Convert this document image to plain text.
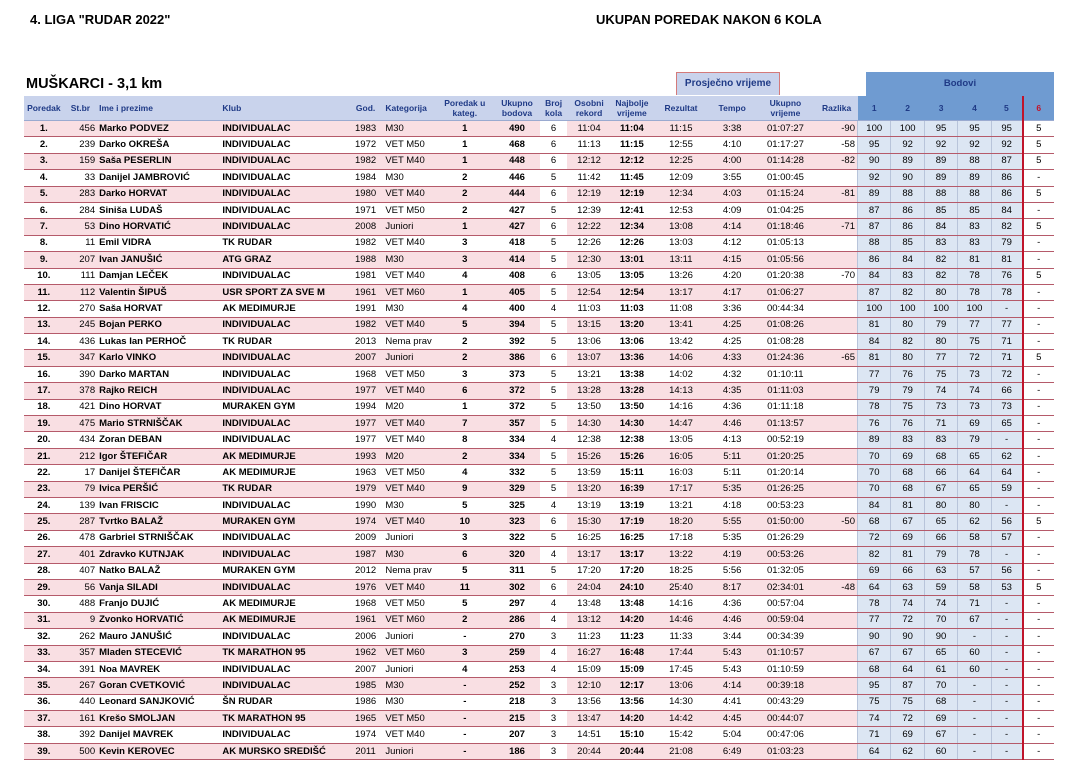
4. LIGA "RUDAR 2022"	UKUPAN POREDAK NAKON 6 KOLA
MUŠKARCI - 3,1 km	Prosječno vrijeme	Bodovi
Poredak	St.br	Ime i prezime	Klub	God.	Kategorija	Poredak u kateg.	Ukupno bodova	Broj kola	Osobni rekord	Najbolje vrijeme	Rezultat	Tempo	Ukupno vrijeme	Razlika	1	2	3	4	5	6
1.	456	Marko PODVEZ	INDIVIDUALAC	1983	M30	1	490	6	11:04	11:04	11:15	3:38	01:07:27	-90	100	100	95	95	95	5
2.	239	Darko OKREŠA	INDIVIDUALAC	1972	VET M50	1	468	6	11:13	11:15	12:55	4:10	01:17:27	-58	95	92	92	92	92	5
3.	159	Saša PESERLIN	INDIVIDUALAC	1982	VET M40	1	448	6	12:12	12:12	12:25	4:00	01:14:28	-82	90	89	89	88	87	5
4.	33	Danijel JAMBROVIĆ	INDIVIDUALAC	1984	M30	2	446	5	11:42	11:45	12:09	3:55	01:00:45		92	90	89	89	86	-
5.	283	Darko HORVAT	INDIVIDUALAC	1980	VET M40	2	444	6	12:19	12:19	12:34	4:03	01:15:24	-81	89	88	88	88	86	5
6.	284	Siniša LUDAŠ	INDIVIDUALAC	1971	VET M50	2	427	5	12:39	12:41	12:53	4:09	01:04:25		87	86	85	85	84	-
7.	53	Dino HORVATIĆ	INDIVIDUALAC	2008	Juniori	1	427	6	12:22	12:34	13:08	4:14	01:18:46	-71	87	86	84	83	82	5
8.	11	Emil VIDRA	TK RUDAR	1982	VET M40	3	418	5	12:26	12:26	13:03	4:12	01:05:13		88	85	83	83	79	-
9.	207	Ivan JANUŠIĆ	ATG GRAZ	1988	M30	3	414	5	12:30	13:01	13:11	4:15	01:05:56		86	84	82	81	81	-
10.	111	Damjan LEČEK	INDIVIDUALAC	1981	VET M40	4	408	6	13:05	13:05	13:26	4:20	01:20:38	-70	84	83	82	78	76	5
11.	112	Valentin ŠIPUŠ	USR SPORT ZA SVE M	1961	VET M60	1	405	5	12:54	12:54	13:17	4:17	01:06:27		87	82	80	78	78	-
12.	270	Saša HORVAT	AK MEDIMURJE	1991	M30	4	400	4	11:03	11:03	11:08	3:36	00:44:34		100	100	100	100	-	-
13.	245	Bojan PERKO	INDIVIDUALAC	1982	VET M40	5	394	5	13:15	13:20	13:41	4:25	01:08:26		81	80	79	77	77	-
14.	436	Lukas Ian PERHOČ	TK RUDAR	2013	Nema prav	2	392	5	13:06	13:06	13:42	4:25	01:08:28		84	82	80	75	71	-
15.	347	Karlo VINKO	INDIVIDUALAC	2007	Juniori	2	386	6	13:07	13:36	14:06	4:33	01:24:36	-65	81	80	77	72	71	5
16.	390	Darko MARTAN	INDIVIDUALAC	1968	VET M50	3	373	5	13:21	13:38	14:02	4:32	01:10:11		77	76	75	73	72	-
17.	378	Rajko REICH	INDIVIDUALAC	1977	VET M40	6	372	5	13:28	13:28	14:13	4:35	01:11:03		79	79	74	74	66	-
18.	421	Dino HORVAT	MURAKEN GYM	1994	M20	1	372	5	13:50	13:50	14:16	4:36	01:11:18		78	75	73	73	73	-
19.	475	Mario STRNIŠČAK	INDIVIDUALAC	1977	VET M40	7	357	5	14:30	14:30	14:47	4:46	01:13:57		76	76	71	69	65	-
20.	434	Zoran DEBAN	INDIVIDUALAC	1977	VET M40	8	334	4	12:38	12:38	13:05	4:13	00:52:19		89	83	83	79	-	-
21.	212	Igor ŠTEFIČAR	AK MEDIMURJE	1993	M20	2	334	5	15:26	15:26	16:05	5:11	01:20:25		70	69	68	65	62	-
22.	17	Danijel ŠTEFIČAR	AK MEDIMURJE	1963	VET M50	4	332	5	13:59	15:11	16:03	5:11	01:20:14		70	68	66	64	64	-
23.	79	Ivica PERŠIĆ	TK RUDAR	1979	VET M40	9	329	5	13:20	16:39	17:17	5:35	01:26:25		70	68	67	65	59	-
24.	139	Ivan FRISCIC	INDIVIDUALAC	1990	M30	5	325	4	13:19	13:19	13:21	4:18	00:53:23		84	81	80	80	-	-
25.	287	Tvrtko BALAŽ	MURAKEN GYM	1974	VET M40	10	323	6	15:30	17:19	18:20	5:55	01:50:00	-50	68	67	65	62	56	5
26.	478	Garbriel STRNIŠČAK	INDIVIDUALAC	2009	Juniori	3	322	5	16:25	16:25	17:18	5:35	01:26:29		72	69	66	58	57	-
27.	401	Zdravko KUTNJAK	INDIVIDUALAC	1987	M30	6	320	4	13:17	13:17	13:22	4:19	00:53:26		82	81	79	78	-	-
28.	407	Natko BALAŽ	MURAKEN GYM	2012	Nema prav	5	311	5	17:20	17:20	18:25	5:56	01:32:05		69	66	63	57	56	-
29.	56	Vanja SILADI	INDIVIDUALAC	1976	VET M40	11	302	6	24:04	24:10	25:40	8:17	02:34:01	-48	64	63	59	58	53	5
30.	488	Franjo DUJIĆ	AK MEDIMURJE	1968	VET M50	5	297	4	13:48	13:48	14:16	4:36	00:57:04		78	74	74	71	-	-
31.	9	Zvonko HORVATIĆ	AK MEDIMURJE	1961	VET M60	2	286	4	13:12	14:20	14:46	4:46	00:59:04		77	72	70	67	-	-
32.	262	Mauro JANUŠIĆ	INDIVIDUALAC	2006	Juniori	-	270	3	11:23	11:23	11:33	3:44	00:34:39		90	90	90	-	-	-
33.	357	Mladen STECEVIĆ	TK MARATHON 95	1962	VET M60	3	259	4	16:27	16:48	17:44	5:43	01:10:57		67	67	65	60	-	-
34.	391	Noa MAVREK	INDIVIDUALAC	2007	Juniori	4	253	4	15:09	15:09	17:45	5:43	01:10:59		68	64	61	60	-	-
35.	267	Goran CVETKOVIĆ	INDIVIDUALAC	1985	M30	-	252	3	12:10	12:17	13:06	4:14	00:39:18		95	87	70	-	-	-
36.	440	Leonard SANJKOVIĆ	ŠN RUDAR	1986	M30	-	218	3	13:56	13:56	14:30	4:41	00:43:29		75	75	68	-	-	-
37.	161	Krešo SMOLJAN	TK MARATHON 95	1965	VET M50	-	215	3	13:47	14:20	14:42	4:45	00:44:07		74	72	69	-	-	-
38.	392	Danijel MAVREK	INDIVIDUALAC	1974	VET M40	-	207	3	14:51	15:10	15:42	5:04	00:47:06		71	69	67	-	-	-
39.	500	Kevin KEROVEC	AK MURSKO SREDIŠĆ	2011	Juniori	-	186	3	20:44	20:44	21:08	6:49	01:03:23		64	62	60	-	-	-
